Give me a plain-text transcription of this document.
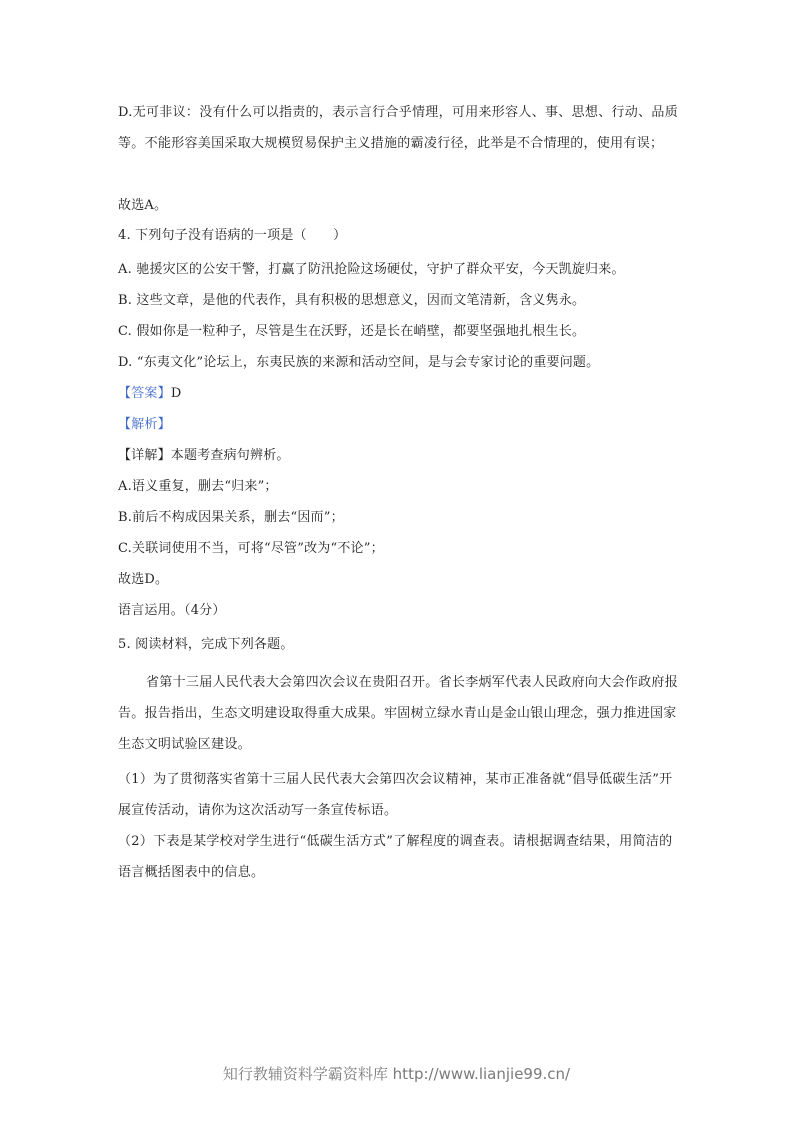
D.无可非议：没有什么可以指责的，表示言行合乎情理，可用来形容人、事、思想、行动、品质等。不能形容美国采取大规模贸易保护主义措施的霸凌行径，此举是不合情理的，使用有误；
故选A。
4. 下列句子没有语病的一项是（　　）
A. 驰援灾区的公安干警，打赢了防汛抢险这场硬仗，守护了群众平安，今天凯旋归来。
B. 这些文章，是他的代表作，具有积极的思想意义，因而文笔清新，含义隽永。
C. 假如你是一粒种子，尽管是生在沃野，还是长在峭壁，都要坚强地扎根生长。
D. “东夷文化”论坛上，东夷民族的来源和活动空间，是与会专家讨论的重要问题。
【答案】D
【解析】
【详解】本题考查病句辨析。
A.语义重复，删去“归来”；
B.前后不构成因果关系，删去“因而”；
C.关联词使用不当，可将“尽管”改为“不论”；
故选D。
语言运用。（4分）
5. 阅读材料，完成下列各题。
省第十三届人民代表大会第四次会议在贵阳召开。省长李炳军代表人民政府向大会作政府报告。报告指出，生态文明建设取得重大成果。牢固树立绿水青山是金山银山理念，强力推进国家生态文明试验区建设。
（1）为了贯彻落实省第十三届人民代表大会第四次会议精神，某市正准备就“倡导低碳生活”开展宣传活动，请你为这次活动写一条宣传标语。
（2）下表是某学校对学生进行“低碳生活方式”了解程度的调查表。请根据调查结果，用简洁的语言概括图表中的信息。
知行教辅资料学霸资料库 http://www.lianjie99.cn/
